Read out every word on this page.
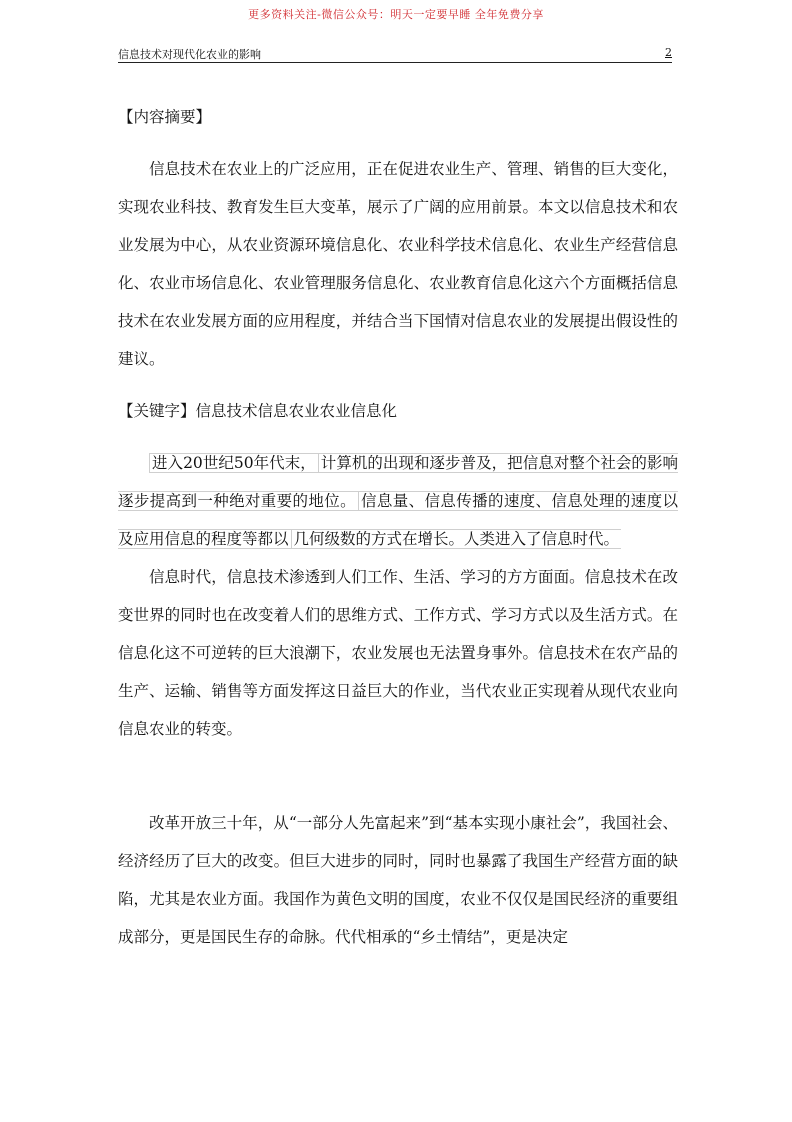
更多资料关注-微信公众号：明天一定要早睡 全年免费分享
信息技术对现代化农业的影响	2

【内容摘要】

信息技术在农业上的广泛应用，正在促进农业生产、管理、销售的巨大变化，实现农业科技、教育发生巨大变革，展示了广阔的应用前景。本文以信息技术和农业发展为中心，从农业资源环境信息化、农业科学技术信息化、农业生产经营信息化、农业市场信息化、农业管理服务信息化、农业教育信息化这六个方面概括信息技术在农业发展方面的应用程度，并结合当下国情对信息农业的发展提出假设性的建议。

【关键字】信息技术信息农业农业信息化

进入20世纪50年代末， 计算机的出现和逐步普及，把信息对整个社会的影响逐步提高到一种绝对重要的地位。 信息量、信息传播的速度、信息处理的速度以及应用信息的程度等都以 几何级数的方式在增长。人类进入了信息时代。

信息时代，信息技术渗透到人们工作、生活、学习的方方面面。信息技术在改变世界的同时也在改变着人们的思维方式、工作方式、学习方式以及生活方式。在信息化这不可逆转的巨大浪潮下，农业发展也无法置身事外。信息技术在农产品的生产、运输、销售等方面发挥这日益巨大的作业，当代农业正实现着从现代农业向信息农业的转变。

改革开放三十年，从“一部分人先富起来”到“基本实现小康社会”，我国社会、经济经历了巨大的改变。但巨大进步的同时，同时也暴露了我国生产经营方面的缺陷，尤其是农业方面。我国作为黄色文明的国度，农业不仅仅是国民经济的重要组成部分，更是国民生存的命脉。代代相承的“乡土情结”，更是决定
